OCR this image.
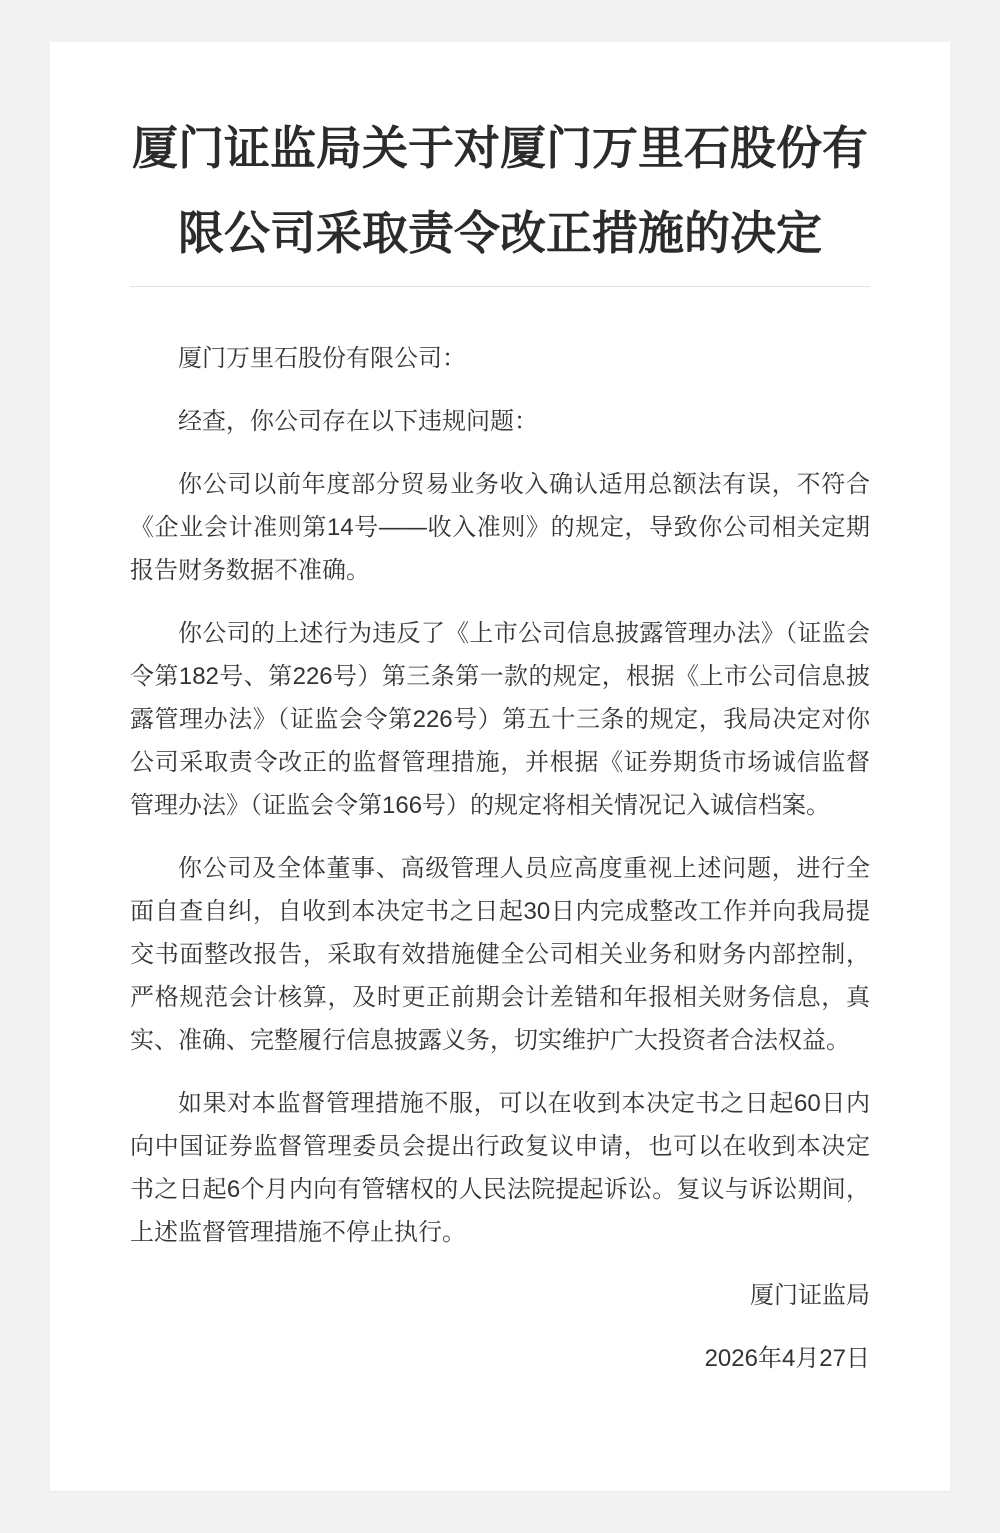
厦门证监局关于对厦门万里石股份有限公司采取责令改正措施的决定

厦门万里石股份有限公司：

经查，你公司存在以下违规问题：

你公司以前年度部分贸易业务收入确认适用总额法有误，不符合《企业会计准则第14号——收入准则》的规定，导致你公司相关定期报告财务数据不准确。

你公司的上述行为违反了《上市公司信息披露管理办法》（证监会令第182号、第226号）第三条第一款的规定，根据《上市公司信息披露管理办法》（证监会令第226号）第五十三条的规定，我局决定对你公司采取责令改正的监督管理措施，并根据《证券期货市场诚信监督管理办法》（证监会令第166号）的规定将相关情况记入诚信档案。

你公司及全体董事、高级管理人员应高度重视上述问题，进行全面自查自纠，自收到本决定书之日起30日内完成整改工作并向我局提交书面整改报告，采取有效措施健全公司相关业务和财务内部控制，严格规范会计核算，及时更正前期会计差错和年报相关财务信息，真实、准确、完整履行信息披露义务，切实维护广大投资者合法权益。

如果对本监督管理措施不服，可以在收到本决定书之日起60日内向中国证券监督管理委员会提出行政复议申请，也可以在收到本决定书之日起6个月内向有管辖权的人民法院提起诉讼。复议与诉讼期间，上述监督管理措施不停止执行。

厦门证监局

2026年4月27日
